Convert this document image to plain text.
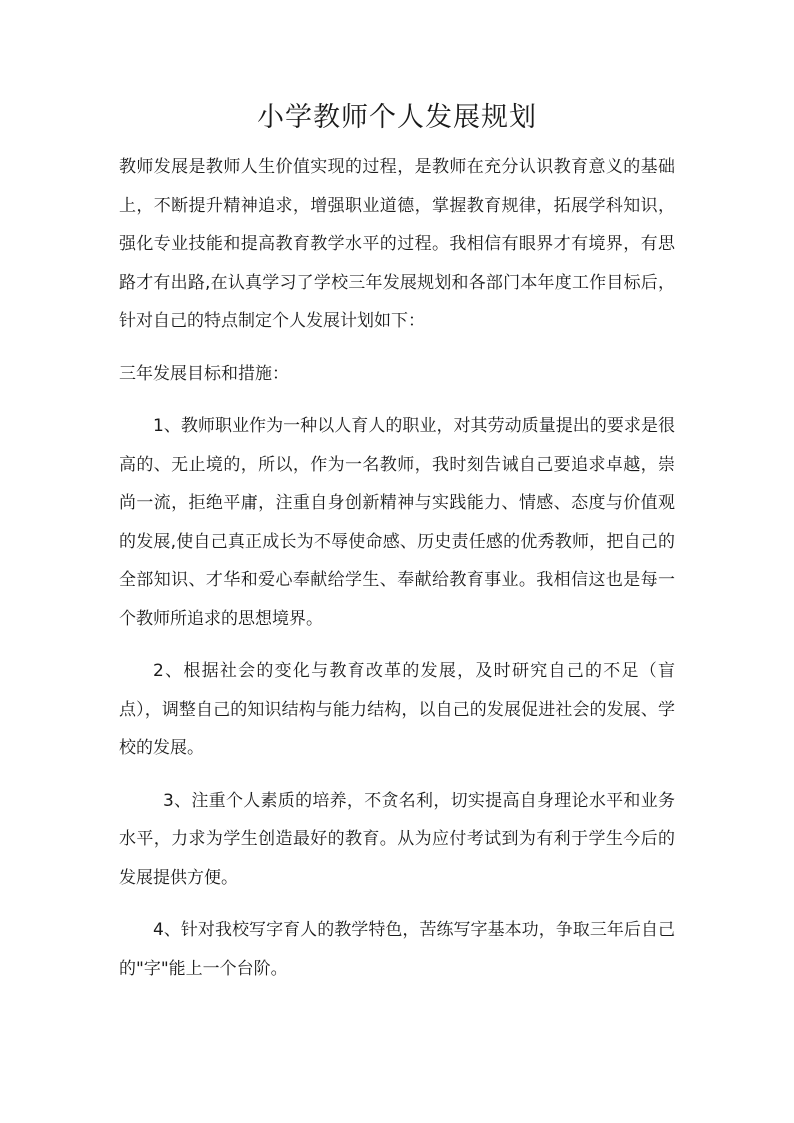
小学教师个人发展规划

教师发展是教师人生价值实现的过程，是教师在充分认识教育意义的基础上，不断提升精神追求，增强职业道德，掌握教育规律，拓展学科知识，强化专业技能和提高教育教学水平的过程。我相信有眼界才有境界，有思路才有出路,在认真学习了学校三年发展规划和各部门本年度工作目标后，针对自己的特点制定个人发展计划如下：

三年发展目标和措施：

1、教师职业作为一种以人育人的职业，对其劳动质量提出的要求是很高的、无止境的，所以，作为一名教师，我时刻告诫自己要追求卓越，崇尚一流，拒绝平庸，注重自身创新精神与实践能力、情感、态度与价值观的发展,使自己真正成长为不辱使命感、历史责任感的优秀教师，把自己的全部知识、才华和爱心奉献给学生、奉献给教育事业。我相信这也是每一个教师所追求的思想境界。

2、根据社会的变化与教育改革的发展，及时研究自己的不足（盲点），调整自己的知识结构与能力结构，以自己的发展促进社会的发展、学校的发展。

3、注重个人素质的培养，不贪名利，切实提高自身理论水平和业务水平，力求为学生创造最好的教育。从为应付考试到为有利于学生今后的发展提供方便。

4、针对我校写字育人的教学特色，苦练写字基本功，争取三年后自己的"字"能上一个台阶。
